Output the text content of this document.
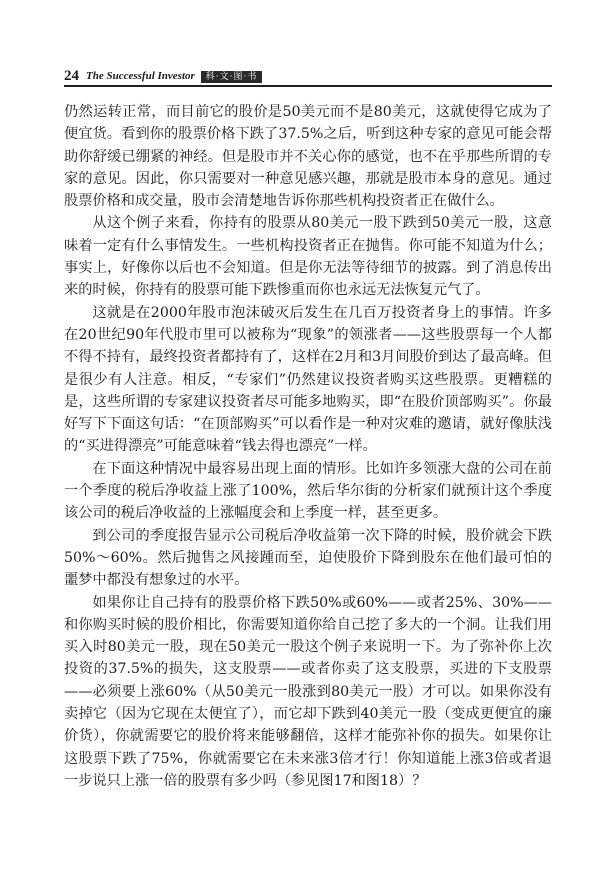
24 The Successful Investor	科·文·图·书

仍然运转正常，而目前它的股价是50美元而不是80美元，这就使得它成为了便宜货。看到你的股票价格下跌了37.5%之后，听到这种专家的意见可能会帮助你舒缓已绷紧的神经。但是股市并不关心你的感觉，也不在乎那些所谓的专家的意见。因此，你只需要对一种意见感兴趣，那就是股市本身的意见。通过股票价格和成交量，股市会清楚地告诉你那些机构投资者正在做什么。

从这个例子来看，你持有的股票从80美元一股下跌到50美元一股，这意味着一定有什么事情发生。一些机构投资者正在抛售。你可能不知道为什么；事实上，好像你以后也不会知道。但是你无法等待细节的披露。到了消息传出来的时候，你持有的股票可能下跌惨重而你也永远无法恢复元气了。

这就是在2000年股市泡沫破灭后发生在几百万投资者身上的事情。许多在20世纪90年代股市里可以被称为“现象”的领涨者——这些股票每一个人都不得不持有，最终投资者都持有了，这样在2月和3月间股价到达了最高峰。但是很少有人注意。相反，“专家们”仍然建议投资者购买这些股票。更糟糕的是，这些所谓的专家建议投资者尽可能多地购买，即“在股价顶部购买”。你最好写下下面这句话：“在顶部购买”可以看作是一种对灾难的邀请，就好像肤浅的“买进得漂亮”可能意味着“钱去得也漂亮”一样。

在下面这种情况中最容易出现上面的情形。比如许多领涨大盘的公司在前一个季度的税后净收益上涨了100%，然后华尔街的分析家们就预计这个季度该公司的税后净收益的上涨幅度会和上季度一样，甚至更多。

到公司的季度报告显示公司税后净收益第一次下降的时候，股价就会下跌50%～60%。然后抛售之风接踵而至，迫使股价下降到股东在他们最可怕的噩梦中都没有想象过的水平。

如果你让自己持有的股票价格下跌50%或60%——或者25%、30%——和你购买时候的股价相比，你需要知道你给自己挖了多大的一个洞。让我们用买入时80美元一股，现在50美元一股这个例子来说明一下。为了弥补你上次投资的37.5%的损失，这支股票——或者你卖了这支股票，买进的下支股票——必须要上涨60%（从50美元一股涨到80美元一股）才可以。如果你没有卖掉它（因为它现在太便宜了），而它却下跌到40美元一股（变成更便宜的廉价货），你就需要它的股价将来能够翻倍，这样才能弥补你的损失。如果你让这股票下跌了75%，你就需要它在未来涨3倍才行！你知道能上涨3倍或者退一步说只上涨一倍的股票有多少吗（参见图17和图18）？
